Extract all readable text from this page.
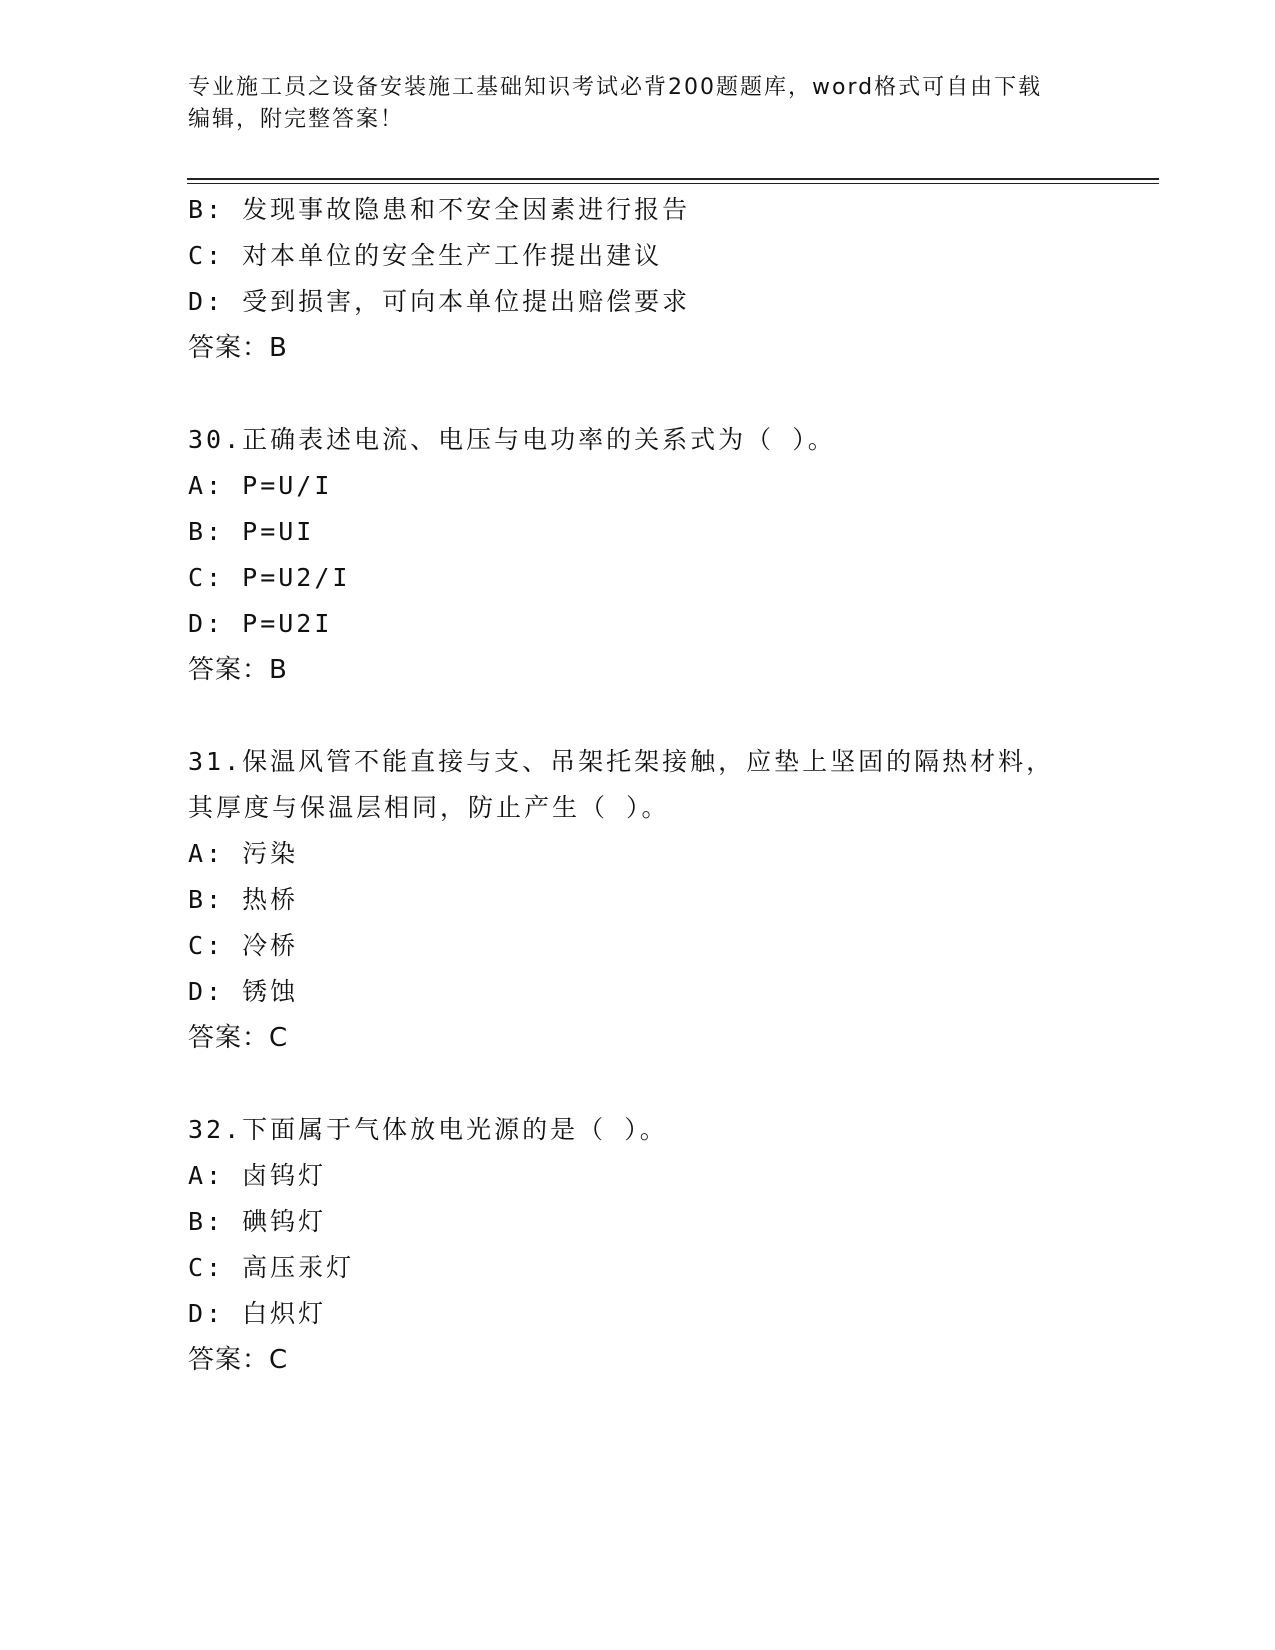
专业施工员之设备安装施工基础知识考试必背200题题库，word格式可自由下载
编辑，附完整答案！
B: 发现事故隐患和不安全因素进行报告
C: 对本单位的安全生产工作提出建议
D: 受到损害，可向本单位提出赔偿要求
答案：B
30.正确表述电流、电压与电功率的关系式为（ ）。
A: P=U/I
B: P=UI
C: P=U2/I
D: P=U2I
答案：B
31.保温风管不能直接与支、吊架托架接触，应垫上坚固的隔热材料，
其厚度与保温层相同，防止产生（ ）。
A: 污染
B: 热桥
C: 冷桥
D: 锈蚀
答案：C
32.下面属于气体放电光源的是（ ）。
A: 卤钨灯
B: 碘钨灯
C: 高压汞灯
D: 白炽灯
答案：C
